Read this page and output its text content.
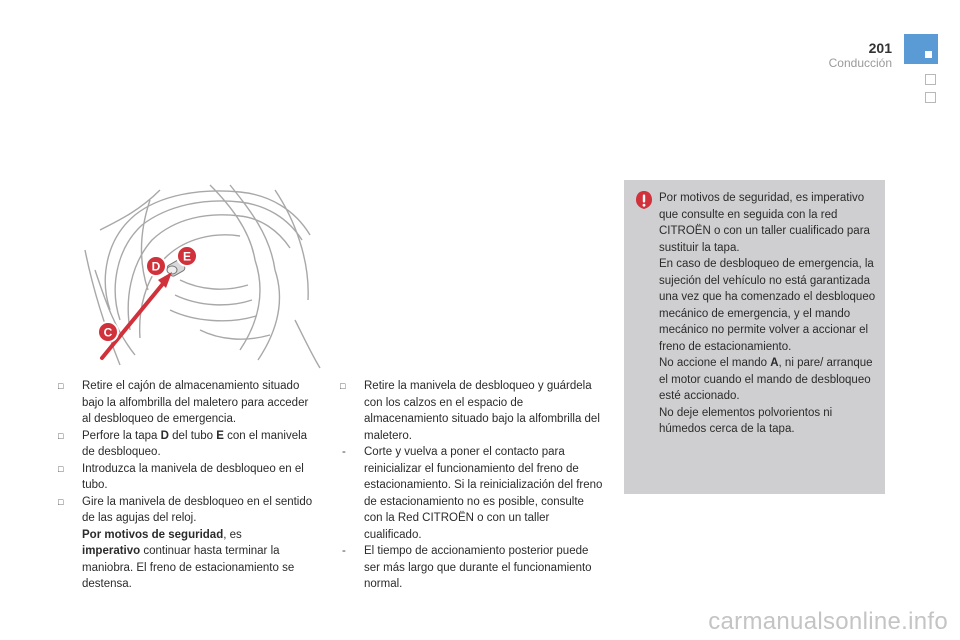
201
Conducción
D
E
C
□	Retire el cajón de almacenamiento situado bajo la alfombrilla del maletero para acceder al desbloqueo de emergencia.
□	Perfore la tapa D del tubo E con el manivela de desbloqueo.
□	Introduzca la manivela de desbloqueo en el tubo.
□	Gire la manivela de desbloqueo en el sentido de las agujas del reloj.
Por motivos de seguridad, es
imperativo continuar hasta terminar la maniobra. El freno de estacionamiento se destensa.
□	Retire la manivela de desbloqueo y guárdela con los calzos en el espacio de almacenamiento situado bajo la alfombrilla del maletero.
-	Corte y vuelva a poner el contacto para reinicializar el funcionamiento del freno de estacionamiento. Si la reinicialización del freno de estacionamiento no es posible, consulte con la Red CITROËN o con un taller cualificado.
-	El tiempo de accionamiento posterior puede ser más largo que durante el funcionamiento normal.
Por motivos de seguridad, es imperativo que consulte en seguida con la red CITROËN o con un taller cualificado para sustituir la tapa.
En caso de desbloqueo de emergencia, la sujeción del vehículo no está garantizada una vez que ha comenzado el desbloqueo mecánico de emergencia, y el mando mecánico no permite volver a accionar el freno de estacionamiento.
No accione el mando A, ni pare/ arranque el motor cuando el mando de desbloqueo esté accionado.
No deje elementos polvorientos ni húmedos cerca de la tapa.
carmanualsonline.info
